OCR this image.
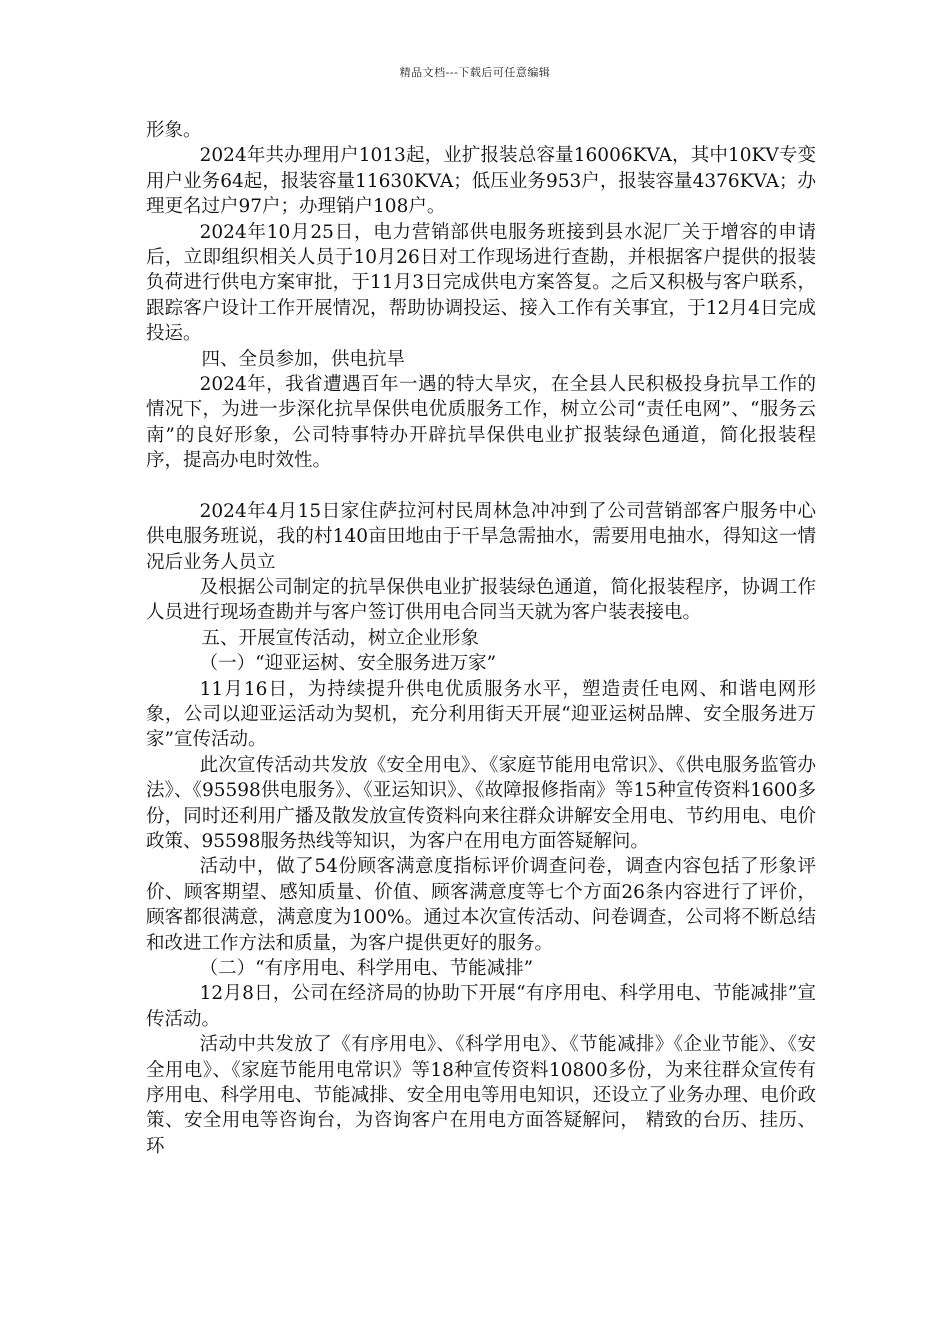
精品文档---下载后可任意编辑

形象。

2024年共办理用户1013起，业扩报装总容量16006KVA，其中10KV专变用户业务64起，报装容量11630KVA；低压业务953户，报装容量4376KVA；办理更名过户97户；办理销户108户。

2024年10月25日，电力营销部供电服务班接到县水泥厂关于增容的申请后，立即组织相关人员于10月26日对工作现场进行查勘，并根据客户提供的报装负荷进行供电方案审批，于11月3日完成供电方案答复。之后又积极与客户联系，跟踪客户设计工作开展情况，帮助协调投运、接入工作有关事宜，于12月4日完成投运。

四、全员参加，供电抗旱

2024年，我省遭遇百年一遇的特大旱灾，在全县人民积极投身抗旱工作的情况下，为进一步深化抗旱保供电优质服务工作，树立公司“责任电网”、“服务云南”的良好形象，公司特事特办开辟抗旱保供电业扩报装绿色通道，简化报装程序，提高办电时效性。

2024年4月15日家住萨拉河村民周林急冲冲到了公司营销部客户服务中心供电服务班说，我的村140亩田地由于干旱急需抽水，需要用电抽水，得知这一情况后业务人员立

及根据公司制定的抗旱保供电业扩报装绿色通道，简化报装程序，协调工作人员进行现场查勘并与客户签订供用电合同当天就为客户装表接电。

五、开展宣传活动，树立企业形象

（一）“迎亚运树、安全服务进万家”

11月16日，为持续提升供电优质服务水平，塑造责任电网、和谐电网形象，公司以迎亚运活动为契机，充分利用街天开展“迎亚运树品牌、安全服务进万家”宣传活动。

此次宣传活动共发放《安全用电》、《家庭节能用电常识》、《供电服务监管办法》、《95598供电服务》、《亚运知识》、《故障报修指南》等15种宣传资料1600多份，同时还利用广播及散发放宣传资料向来往群众讲解安全用电、节约用电、电价政策、95598服务热线等知识，为客户在用电方面答疑解问。

活动中，做了54份顾客满意度指标评价调查问卷，调查内容包括了形象评价、顾客期望、感知质量、价值、顾客满意度等七个方面26条内容进行了评价，顾客都很满意，满意度为100%。通过本次宣传活动、问卷调查，公司将不断总结和改进工作方法和质量，为客户提供更好的服务。

（二）“有序用电、科学用电、节能减排”

12月8日，公司在经济局的协助下开展“有序用电、科学用电、节能减排”宣传活动。

活动中共发放了《有序用电》、《科学用电》、《节能减排》《企业节能》、《安全用电》、《家庭节能用电常识》等18种宣传资料10800多份，为来往群众宣传有序用电、科学用电、节能减排、安全用电等用电知识，还设立了业务办理、电价政策、安全用电等咨询台，为咨询客户在用电方面答疑解问， 精致的台历、挂历、环
